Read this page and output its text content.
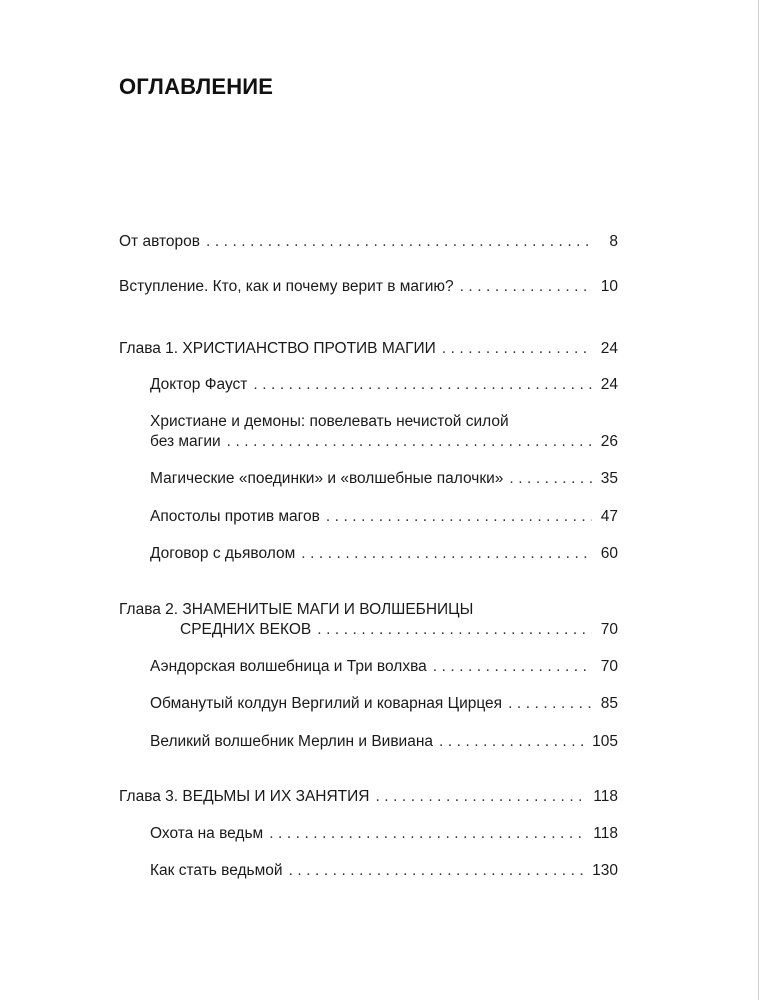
ОГЛАВЛЕНИЕ
От авторов . . .	8
Вступление. Кто, как и почему верит в магию? . . .	10
Глава 1. ХРИСТИАНСТВО ПРОТИВ МАГИИ . . .	24
Доктор Фауст . . .	24
Христиане и демоны: повелевать нечистой силой
без магии . . .	26
Магические «поединки» и «волшебные палочки» . . .	35
Апостолы против магов . . .	47
Договор с дьяволом . . .	60
Глава 2. ЗНАМЕНИТЫЕ МАГИ И ВОЛШЕБНИЦЫ
СРЕДНИХ ВЕКОВ . . .	70
Аэндорская волшебница и Три волхва . . .	70
Обманутый колдун Вергилий и коварная Цирцея . . .	85
Великий волшебник Мерлин и Вивиана . . .	105
Глава 3. ВЕДЬМЫ И ИХ ЗАНЯТИЯ . . .	118
Охота на ведьм . . .	118
Как стать ведьмой . . .	130
